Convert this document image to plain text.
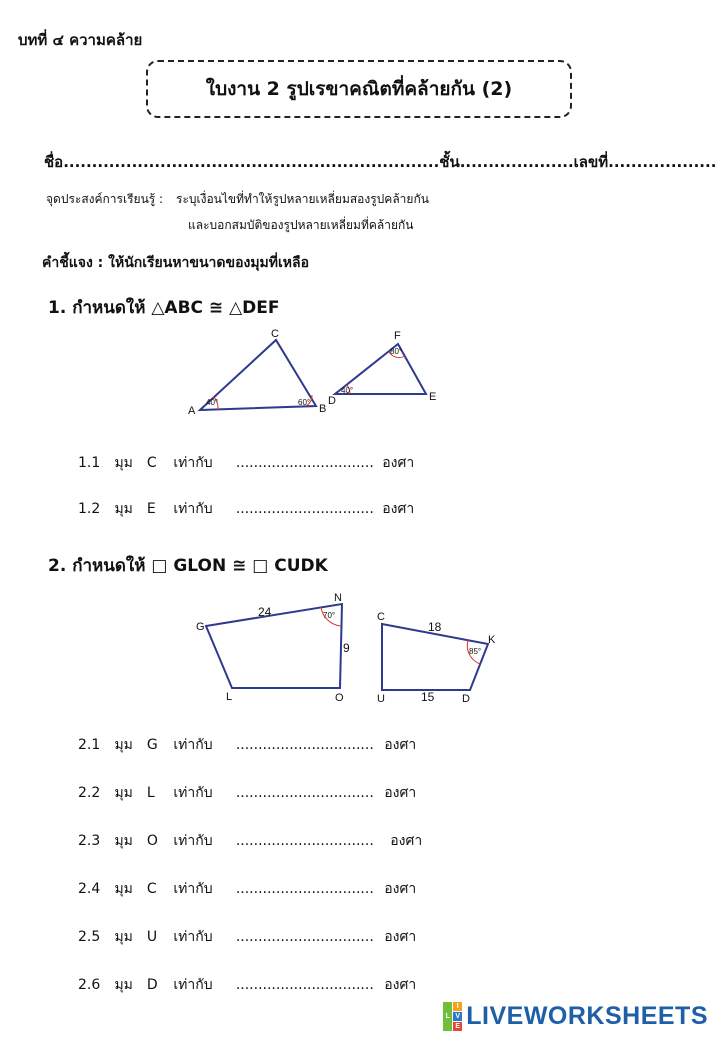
บทที่ ๔ ความคล้าย
ใบงาน 2 รูปเรขาคณิตที่คล้ายกัน (2)
ชื่อ..................................................................ชั้น....................เลขที่...................
จุดประสงค์การเรียนรู้ : ระบุเงื่อนไขที่ทำให้รูปหลายเหลี่ยมสองรูปคล้ายกัน
และบอกสมบัติของรูปหลายเหลี่ยมที่คล้ายกัน
คำชี้แจง : ให้นักเรียนหาขนาดของมุมที่เหลือ
1. กำหนดให้ △ABC ≅ △DEF
A	B
C
40°	60° D	E
F
40°
80°
1.1 มุม C เท่ากับ ............................... องศา
1.2 มุม E เท่ากับ ............................... องศา
2. กำหนดให้ □ GLON ≅ □ CUDK
G
N
O
L
24
9
70°	C
K
D
U
18
15
85°
2.1 มุม G เท่ากับ ............................... องศา
2.2 มุม L เท่ากับ ............................... องศา
2.3 มุม O เท่ากับ ............................... องศา
2.4 มุม C เท่ากับ ............................... องศา
2.5 มุม U เท่ากับ ............................... องศา
2.6 มุม D เท่ากับ ............................... องศา
L
I
V
E LIVEWORKSHEETS
